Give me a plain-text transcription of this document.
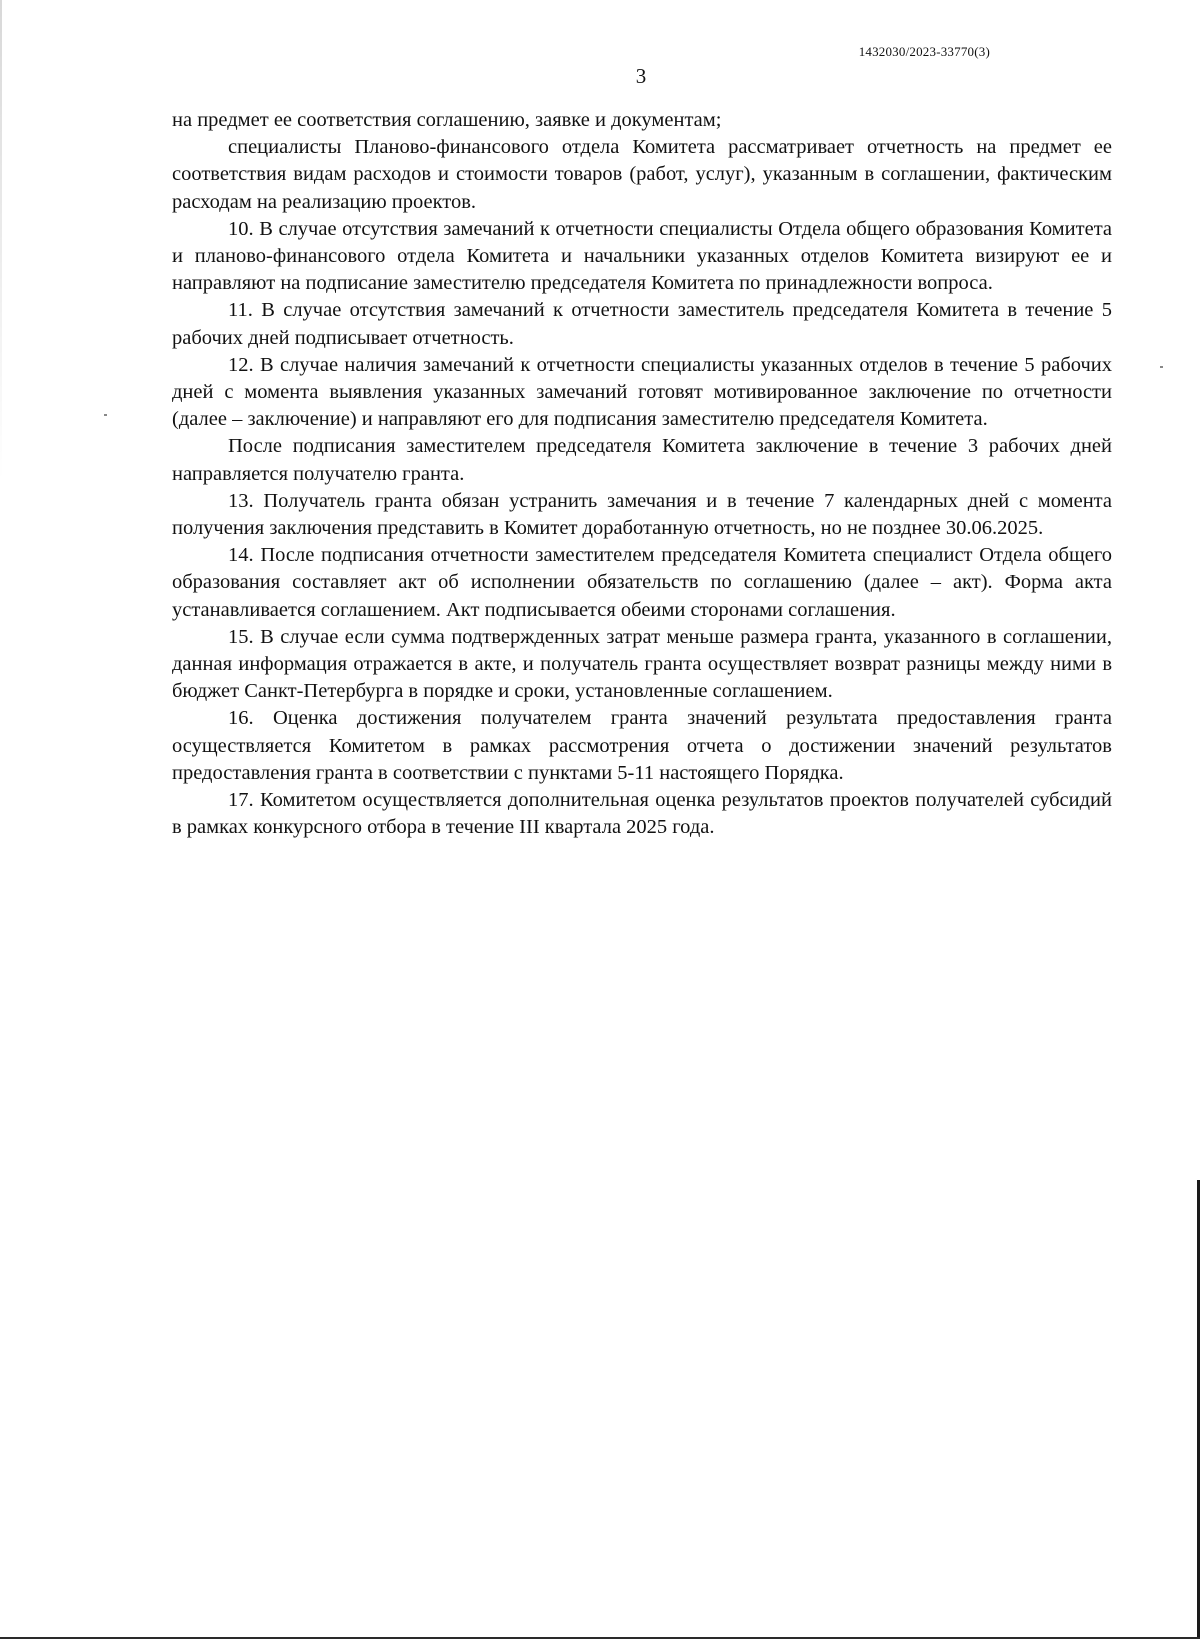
1432030/2023-33770(3)
3

на предмет ее соответствия соглашению, заявке и документам;

специалисты Планово-финансового отдела Комитета рассматривает отчетность на предмет ее соответствия видам расходов и стоимости товаров (работ, услуг), указанным в соглашении, фактическим расходам на реализацию проектов.

10. В случае отсутствия замечаний к отчетности специалисты Отдела общего образования Комитета и планово-финансового отдела Комитета и начальники указанных отделов Комитета визируют ее и направляют на подписание заместителю председателя Комитета по принадлежности вопроса.

11. В случае отсутствия замечаний к отчетности заместитель председателя Комитета в течение 5 рабочих дней подписывает отчетность.

12. В случае наличия замечаний к отчетности специалисты указанных отделов в течение 5 рабочих дней с момента выявления указанных замечаний готовят мотивированное заключение по отчетности (далее – заключение) и направляют его для подписания заместителю председателя Комитета.

После подписания заместителем председателя Комитета заключение в течение 3 рабочих дней направляется получателю гранта.

13. Получатель гранта обязан устранить замечания и в течение 7 календарных дней с момента получения заключения представить в Комитет доработанную отчетность, но не позднее 30.06.2025.

14. После подписания отчетности заместителем председателя Комитета специалист Отдела общего образования составляет акт об исполнении обязательств по соглашению (далее – акт). Форма акта устанавливается соглашением. Акт подписывается обеими сторонами соглашения.

15. В случае если сумма подтвержденных затрат меньше размера гранта, указанного в соглашении, данная информация отражается в акте, и получатель гранта осуществляет возврат разницы между ними в бюджет Санкт-Петербурга в порядке и сроки, установленные соглашением.

16. Оценка достижения получателем гранта значений результата предоставления гранта осуществляется Комитетом в рамках рассмотрения отчета о достижении значений результатов предоставления гранта в соответствии с пунктами 5-11 настоящего Порядка.

17. Комитетом осуществляется дополнительная оценка результатов проектов получателей субсидий в рамках конкурсного отбора в течение III квартала 2025 года.
